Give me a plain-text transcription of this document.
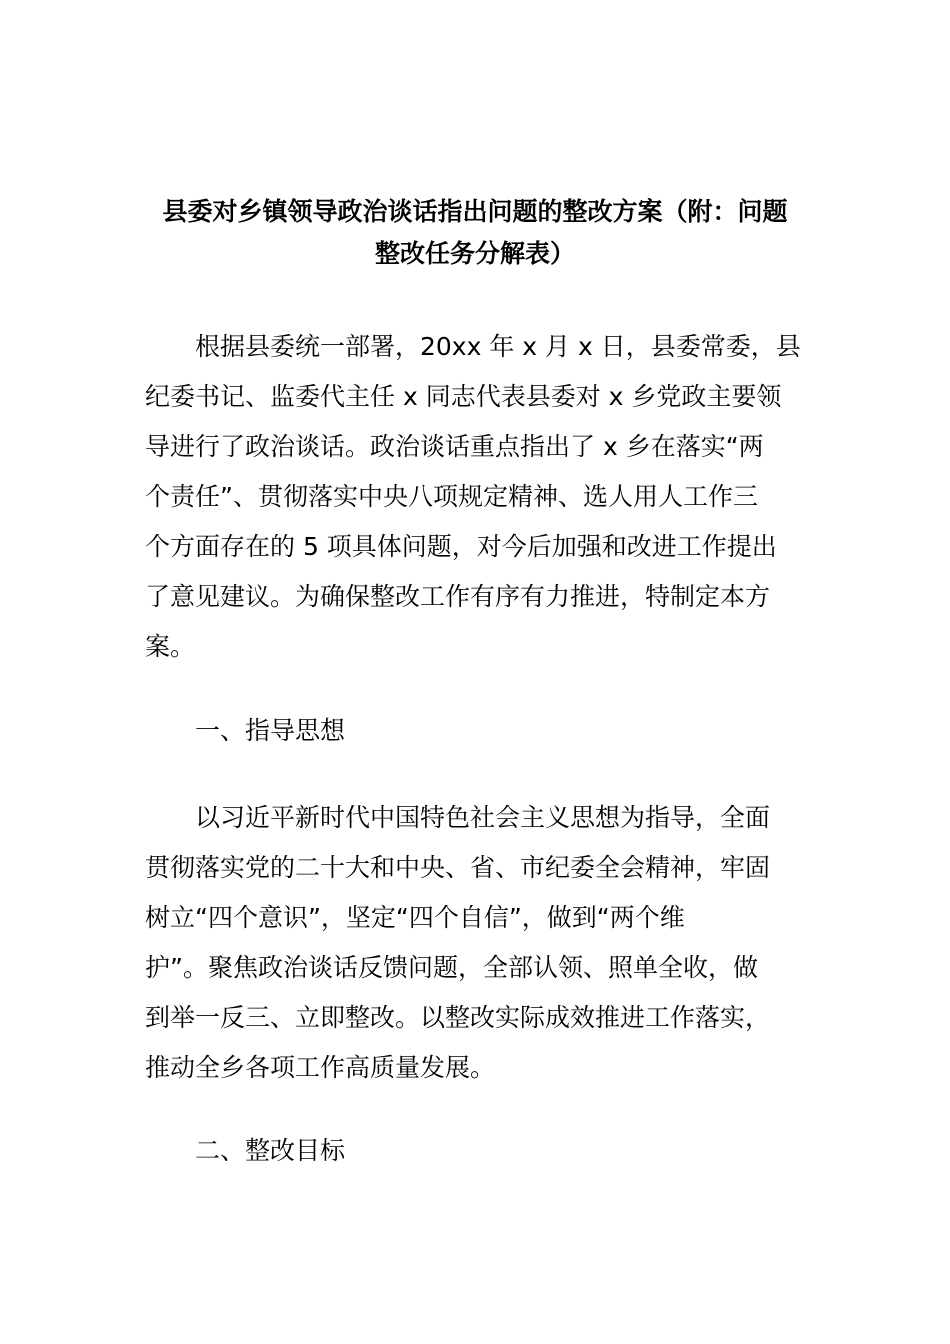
县委对乡镇领导政治谈话指出问题的整改方案（附：问题
整改任务分解表）

根据县委统一部署，20xx 年 x 月 x 日，县委常委，县
纪委书记、监委代主任 x 同志代表县委对 x 乡党政主要领
导进行了政治谈话。政治谈话重点指出了 x 乡在落实“两
个责任”、贯彻落实中央八项规定精神、选人用人工作三
个方面存在的 5 项具体问题，对今后加强和改进工作提出
了意见建议。为确保整改工作有序有力推进，特制定本方
案。

一、指导思想

以习近平新时代中国特色社会主义思想为指导，全面
贯彻落实党的二十大和中央、省、市纪委全会精神，牢固
树立“四个意识”，坚定“四个自信”，做到“两个维
护”。聚焦政治谈话反馈问题，全部认领、照单全收，做
到举一反三、立即整改。以整改实际成效推进工作落实，
推动全乡各项工作高质量发展。

二、整改目标
